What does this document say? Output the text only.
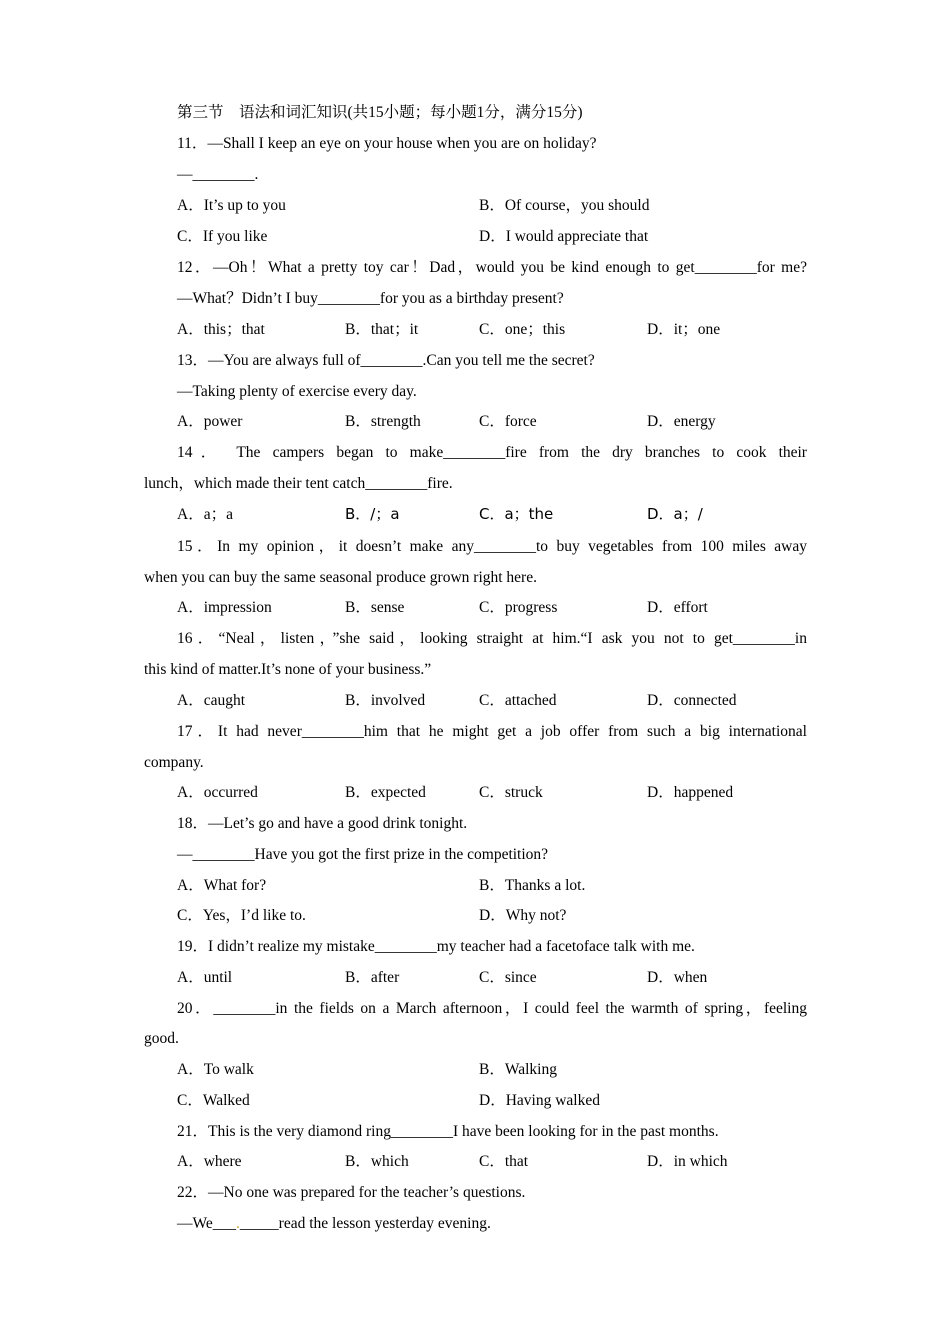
第三节　语法和词汇知识(共15小题；每小题1分，满分15分)
11．—Shall I keep an eye on your house when you are on holiday?
—________.
A．It’s up to you	B．Of course，you should
C．If you like	D．I would appreciate that
12．—Oh！What a pretty toy car！Dad，would you be kind enough to get________for me?
—What？Didn’t I buy________for you as a birthday present?
A．this；that	B．that；it	C．one；this	D．it；one
13．—You are always full of________.Can you tell me the secret?
—Taking plenty of exercise every day.
A．power	B．strength	C．force	D．energy
14． The campers began to make________fire from the dry branches to cook their
lunch，which made their tent catch________fire.
A．a；a	B．/；a	C．a；the	D．a；/
15．In my opinion，it doesn’t make any________to buy vegetables from 100 miles away
when you can buy the same seasonal produce grown right here.
A．impression	B．sense	C．progress	D．effort
16．“Neal，listen，”she said，looking straight at him.“I ask you not to get________in
this kind of matter.It’s none of your business.”
A．caught	B．involved	C．attached	D．connected
17．It had never________him that he might get a job offer from such a big international
company.
A．occurred	B．expected	C．struck	D．happened
18．—Let’s go and have a good drink tonight.
—________Have you got the first prize in the competition?
A．What for?	B．Thanks a lot.
C．Yes，I’d like to.	D．Why not?
19．I didn’t realize my mistake________my teacher had a facetoface talk with me.
A．until	B．after	C．since	D．when
20．________in the fields on a March afternoon，I could feel the warmth of spring，feeling
good.
A．To walk	B．Walking
C．Walked	D．Having walked
21．This is the very diamond ring________I have been looking for in the past months.
A．where	B．which	C．that	D．in which
22．—No one was prepared for the teacher’s questions.
—We___._____read the lesson yesterday evening.
